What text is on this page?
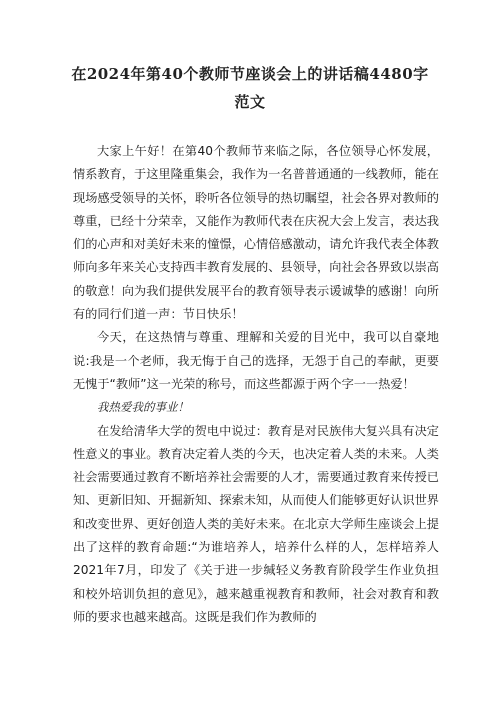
在2024年第40个教师节座谈会上的讲话稿4480字
范文

大家上午好！在第40个教师节来临之际，各位领导心怀发展，情系教育，于这里隆重集会，我作为一名普普通通的一线教师，能在现场感受领导的关怀，聆听各位领导的热切瞩望，社会各界对教师的尊重，已经十分荣幸，又能作为教师代表在庆祝大会上发言，表达我们的心声和对美好未来的憧憬，心情倍感激动，请允许我代表全体教师向多年来关心支持西丰教育发展的、县领导，向社会各界致以崇高的敬意！向为我们提供发展平台的教育领导表示谖诚挚的感谢！向所有的同行们道一声：节日快乐！

今天，在这热情与尊重、理解和关爱的目光中，我可以自豪地说:我是一个老师，我无悔于自己的选择，无怨于自己的奉献，更要无愧于“教师”这一光荣的称号，而这些都源于两个字一一热爱！

我热爱我的事业！

在发给清华大学的贺电中说过：教育是对民族伟大复兴具有决定性意义的事业。教育决定着人类的今天，也决定着人类的未来。人类社会需要通过教育不断培养社会需要的人才，需要通过教育来传授已知、更新旧知、开掘新知、探索未知，从而使人们能够更好认识世界和改变世界、更好创造人类的美好未来。在北京大学师生座谈会上提出了这样的教育命题:“为谁培养人，培养什么样的人，怎样培养人2021年7月，印发了《关于进一步缄轻义务教育阶段学生作业负担和校外培训负担的意见》，越来越重视教育和教师，社会对教育和教师的要求也越来越高。这既是我们作为教师的
